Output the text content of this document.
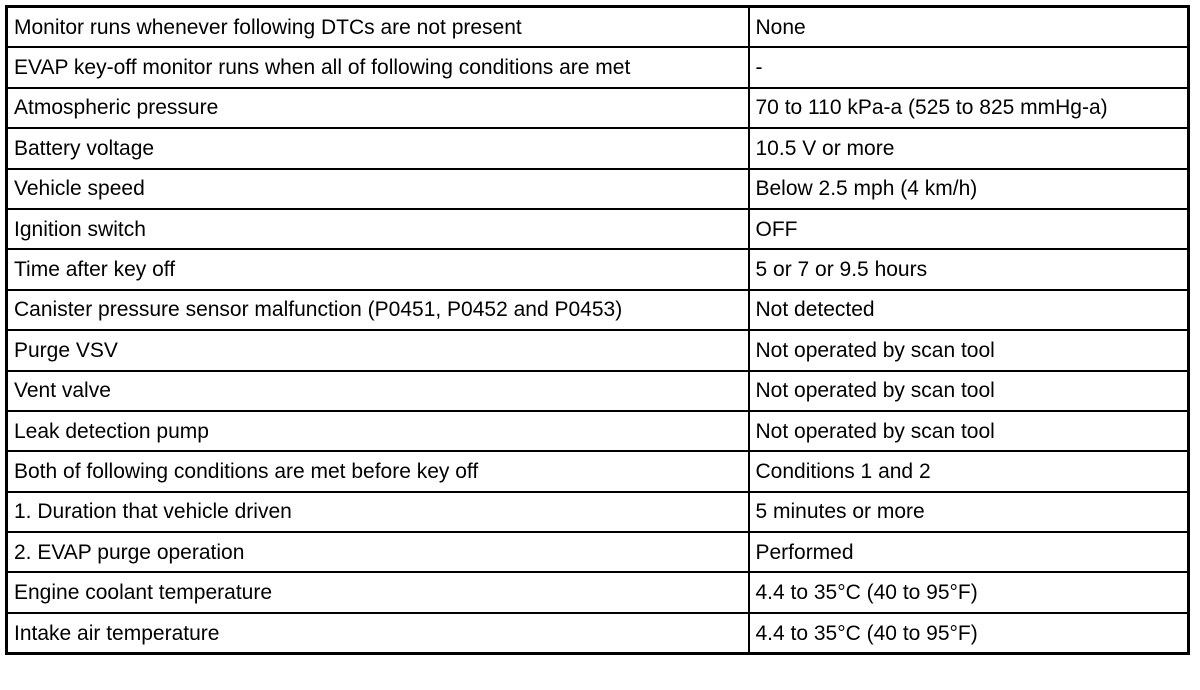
Monitor runs whenever following DTCs are not present	None
EVAP key-off monitor runs when all of following conditions are met	-
Atmospheric pressure	70 to 110 kPa-a (525 to 825 mmHg-a)
Battery voltage	10.5 V or more
Vehicle speed	Below 2.5 mph (4 km/h)
Ignition switch	OFF
Time after key off	5 or 7 or 9.5 hours
Canister pressure sensor malfunction (P0451, P0452 and P0453)	Not detected
Purge VSV	Not operated by scan tool
Vent valve	Not operated by scan tool
Leak detection pump	Not operated by scan tool
Both of following conditions are met before key off	Conditions 1 and 2
1. Duration that vehicle driven	5 minutes or more
2. EVAP purge operation	Performed
Engine coolant temperature	4.4 to 35°C (40 to 95°F)
Intake air temperature	4.4 to 35°C (40 to 95°F)
